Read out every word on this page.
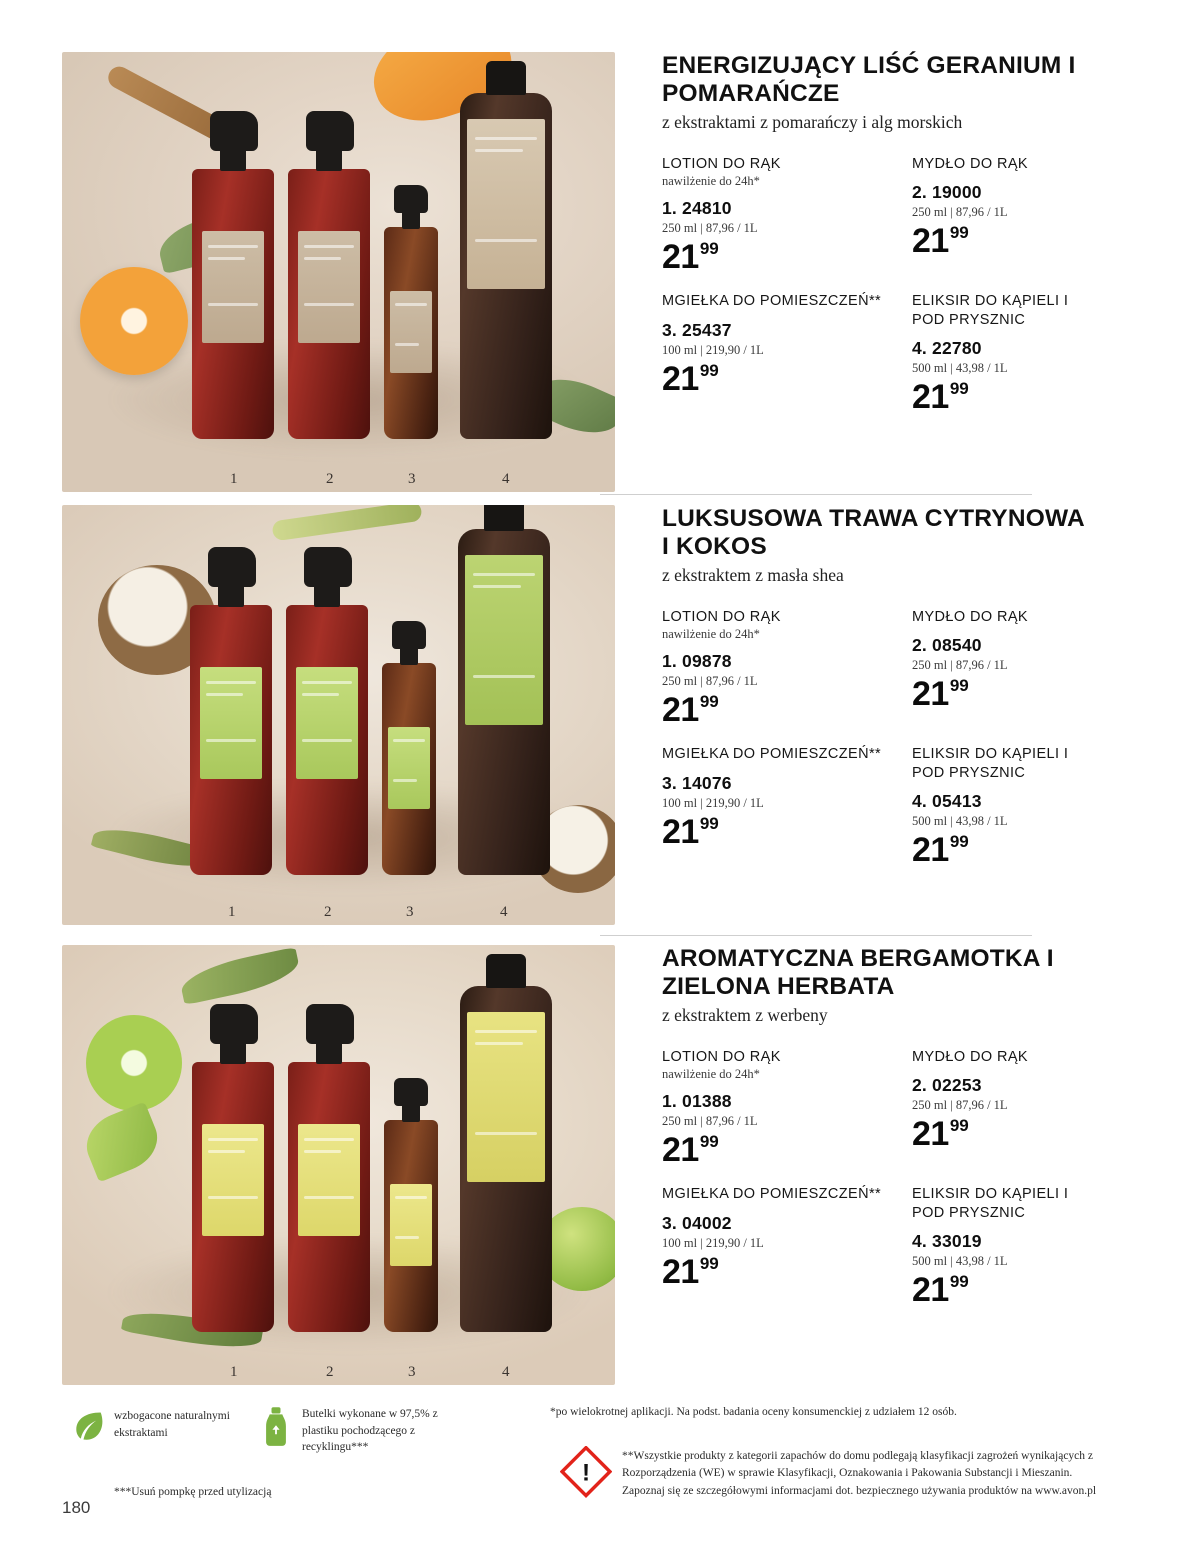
1	2	3	4
ENERGIZUJĄCY LIŚĆ GERANIUM I POMARAŃCZE

z ekstraktami z pomarańczy i alg morskich

LOTION DO RĄK
nawilżenie do 24h*
1. 24810
250 ml | 87,96 / 1L
2199
MYDŁO DO RĄK
2. 19000
250 ml | 87,96 / 1L
2199
MGIEŁKA DO POMIESZCZEŃ**
3. 25437
100 ml | 219,90 / 1L
2199
ELIKSIR DO KĄPIELI I POD PRYSZNIC
4. 22780
500 ml | 43,98 / 1L
2199
1	2	3	4
LUKSUSOWA TRAWA CYTRYNOWA I KOKOS

z ekstraktem z masła shea

LOTION DO RĄK
nawilżenie do 24h*
1. 09878
250 ml | 87,96 / 1L
2199
MYDŁO DO RĄK
2. 08540
250 ml | 87,96 / 1L
2199
MGIEŁKA DO POMIESZCZEŃ**
3. 14076
100 ml | 219,90 / 1L
2199
ELIKSIR DO KĄPIELI I POD PRYSZNIC
4. 05413
500 ml | 43,98 / 1L
2199
1	2	3	4
AROMATYCZNA BERGAMOTKA I ZIELONA HERBATA

z ekstraktem z werbeny

LOTION DO RĄK
nawilżenie do 24h*
1. 01388
250 ml | 87,96 / 1L
2199
MYDŁO DO RĄK
2. 02253
250 ml | 87,96 / 1L
2199
MGIEŁKA DO POMIESZCZEŃ**
3. 04002
100 ml | 219,90 / 1L
2199
ELIKSIR DO KĄPIELI I POD PRYSZNIC
4. 33019
500 ml | 43,98 / 1L
2199
wzbogacone naturalnymi ekstraktami
Butelki wykonane w 97,5% z plastiku pochodzącego z recyklingu***
***Usuń pompkę przed utylizacją
*po wielokrotnej aplikacji. Na podst. badania oceny konsumenckiej z udziałem 12 osób.
!
**Wszystkie produkty z kategorii zapachów do domu podlegają klasyfikacji zagrożeń wynikających z Rozporządzenia (WE) w sprawie Klasyfikacji, Oznakowania i Pakowania Substancji i Mieszanin. Zapoznaj się ze szczegółowymi informacjami dot. bezpiecznego używania produktów na www.avon.pl
180
